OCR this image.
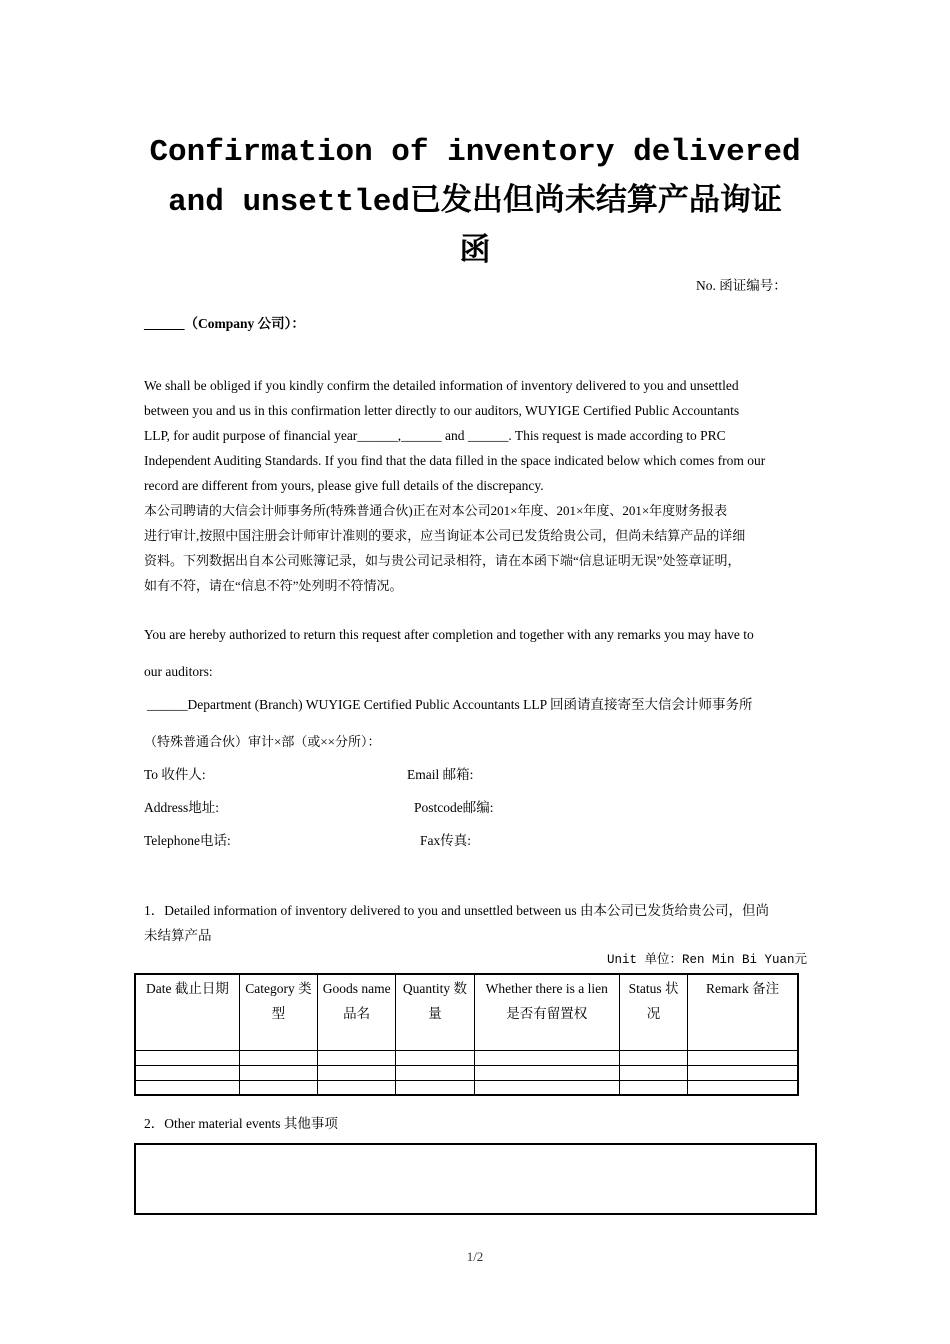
Confirmation of inventory delivered
and unsettled已发出但尚未结算产品询证
函
No. 函证编号：
______（Company 公司）：
We shall be obliged if you kindly confirm the detailed information of inventory delivered to you and unsettled
between you and us in this confirmation letter directly to our auditors, WUYIGE Certified Public Accountants
LLP, for audit purpose of financial year______,______ and ______. This request is made according to PRC
Independent Auditing Standards. If you find that the data filled in the space indicated below which comes from our
record are different from yours, please give full details of the discrepancy.
本公司聘请的大信会计师事务所(特殊普通合伙)正在对本公司201×年度、201×年度、201×年度财务报表
进行审计,按照中国注册会计师审计准则的要求，应当询证本公司已发货给贵公司，但尚未结算产品的详细
资料。下列数据出自本公司账簿记录，如与贵公司记录相符，请在本函下端“信息证明无误”处签章证明，
如有不符，请在“信息不符”处列明不符情况。
You are hereby authorized to return this request after completion and together with any remarks you may have to
our auditors:
______Department (Branch) WUYIGE Certified Public Accountants LLP 回函请直接寄至大信会计师事务所
（特殊普通合伙）审计×部（或××分所）：
To 收件人:	Email 邮箱:
Address地址:	Postcode邮编:
Telephone电话:	Fax传真:
1．Detailed information of inventory delivered to you and unsettled between us 由本公司已发货给贵公司，但尚
未结算产品
Unit 单位：Ren Min Bi Yuan元
Date 截止日期	Category 类型	Goods name 品名	Quantity 数量	Whether there is a lien 是否有留置权	Status 状况	Remark 备注

2．Other material events 其他事项
1/2
